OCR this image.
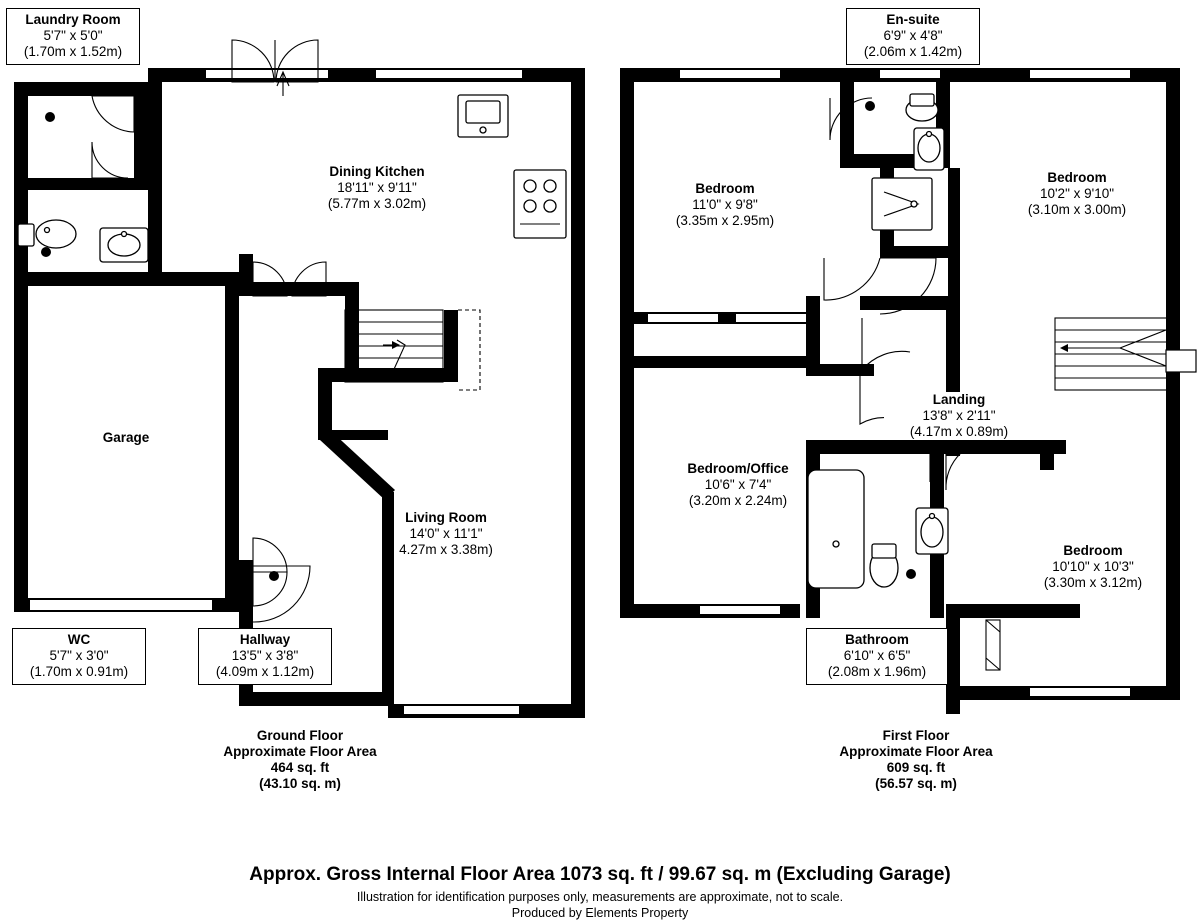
Laundry Room
5'7" x 5'0"
(1.70m x 1.52m)
Dining Kitchen
18'11" x 9'11"
(5.77m x 3.02m)
Garage
Living Room
14'0" x 11'1"
4.27m x 3.38m)
WC
5'7" x 3'0"
(1.70m x 0.91m)
Hallway
13'5" x 3'8"
(4.09m x 1.12m)
Ground Floor
Approximate Floor Area
464 sq. ft
(43.10 sq. m)
En-suite
6'9" x 4'8"
(2.06m x 1.42m)
Bedroom
11'0" x 9'8"
(3.35m x 2.95m)
Bedroom
10'2" x 9'10"
(3.10m x 3.00m)
Landing
13'8" x 2'11"
(4.17m x 0.89m)
Bedroom/Office
10'6" x 7'4"
(3.20m x 2.24m)
Bedroom
10'10" x 10'3"
(3.30m x 3.12m)
Bathroom
6'10" x 6'5"
(2.08m x 1.96m)
First Floor
Approximate Floor Area
609 sq. ft
(56.57 sq. m)
Approx. Gross Internal Floor Area 1073 sq. ft / 99.67 sq. m (Excluding Garage)
Illustration for identification purposes only, measurements are approximate, not to scale.
Produced by Elements Property
